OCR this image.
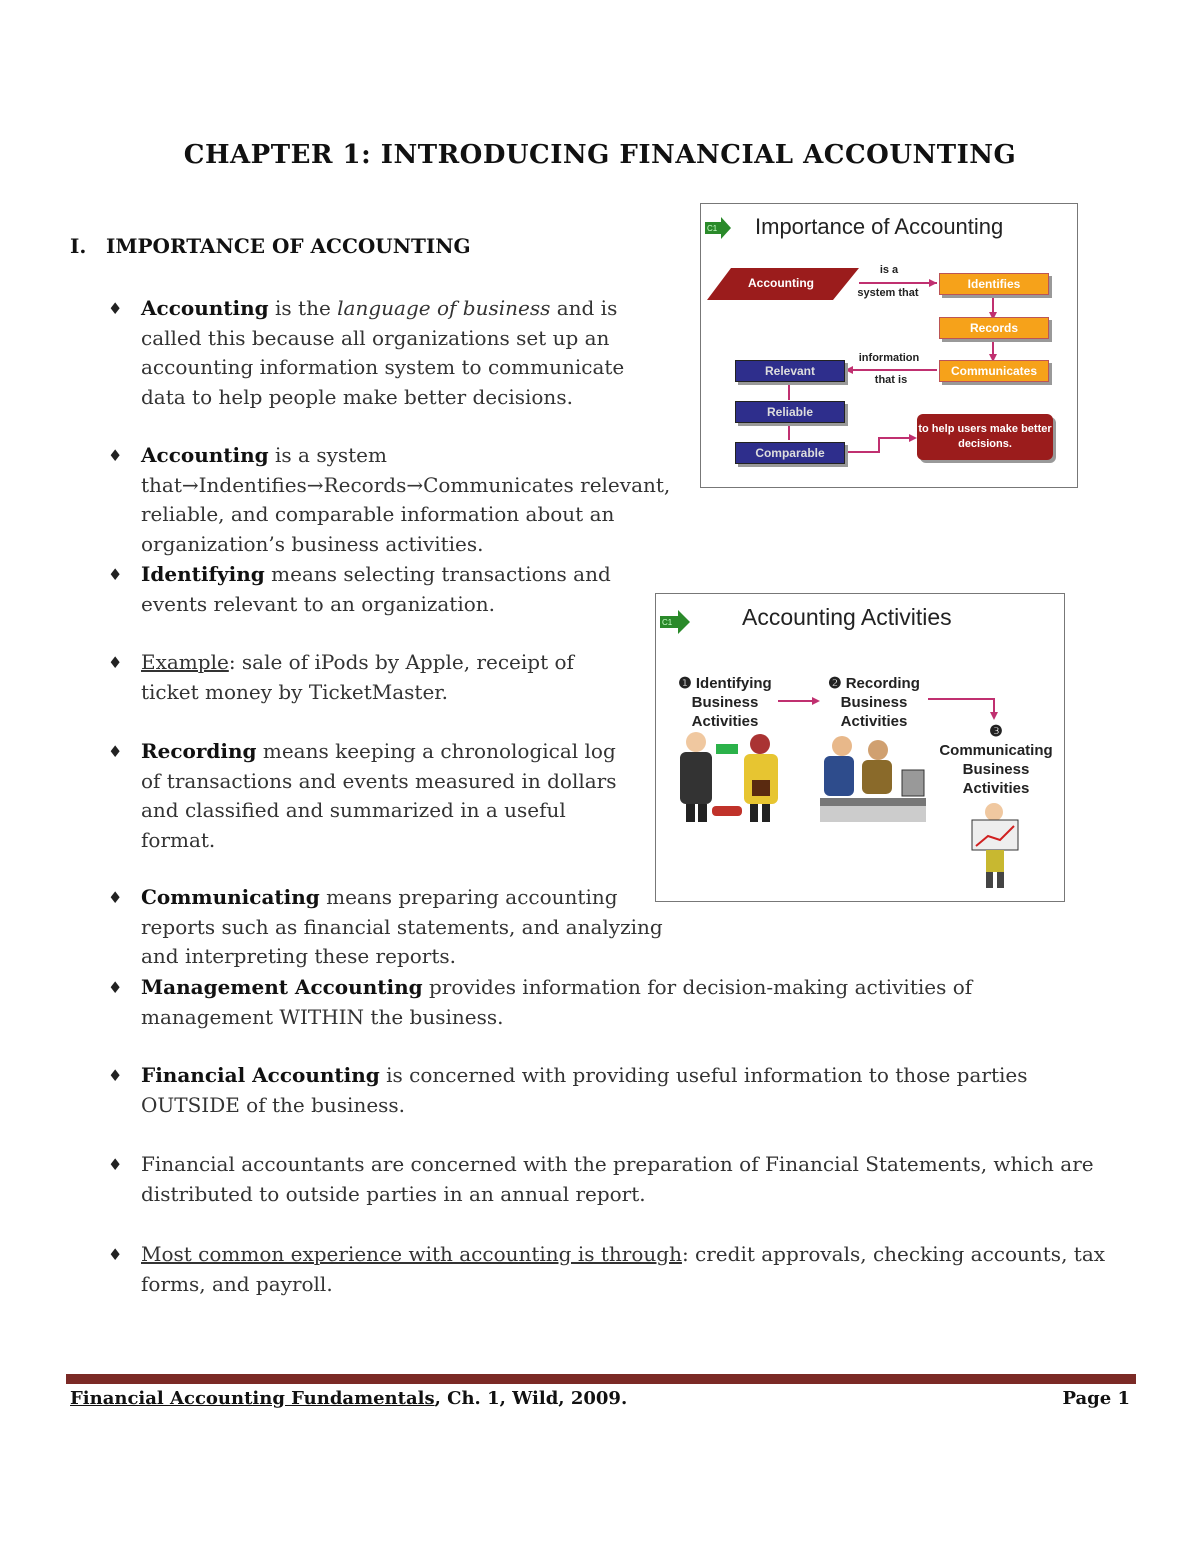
CHAPTER 1: INTRODUCING FINANCIAL ACCOUNTING
I. IMPORTANCE OF ACCOUNTING
♦ Accounting is the language of business and is called this because all organizations set up an accounting information system to communicate data to help people make better decisions.
♦ Accounting is a system that→Indentifies→Records→Communicates relevant, reliable, and comparable information about an organization’s business activities.
♦ Identifying means selecting transactions and events relevant to an organization.
♦ Example: sale of iPods by Apple, receipt of ticket money by TicketMaster.
♦ Recording means keeping a chronological log of transactions and events measured in dollars and classified and summarized in a useful format.
♦ Communicating means preparing accounting reports such as financial statements, and analyzing and interpreting these reports.
♦ Management Accounting provides information for decision-making activities of management WITHIN the business.
♦ Financial Accounting is concerned with providing useful information to those parties OUTSIDE of the business.
♦ Financial accountants are concerned with the preparation of Financial Statements, which are distributed to outside parties in an annual report.
♦ Most common experience with accounting is through: credit approvals, checking accounts, tax forms, and payroll.
C1 Importance of Accounting
Accounting
is a
system that
Identifies
Records
Communicates
information
that is
Relevant
Reliable
Comparable
to help users make better decisions.
C1	Accounting Activities
❶ Identifying
Business
Activities
❷ Recording
Business
Activities
❸
Communicating
Business
Activities
Financial Accounting Fundamentals, Ch. 1, Wild, 2009.	Page 1
